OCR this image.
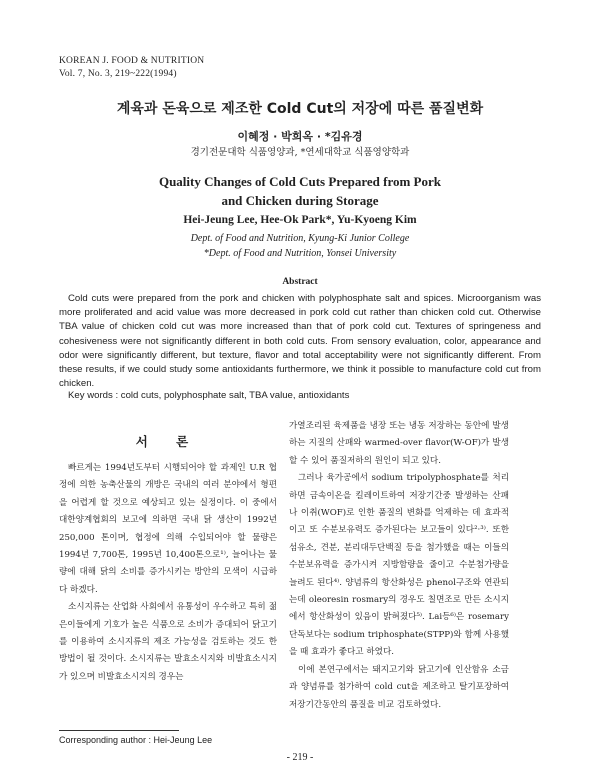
KOREAN J. FOOD & NUTRITION
Vol. 7, No. 3, 219~222(1994)
계육과 돈육으로 제조한 Cold Cut의 저장에 따른 품질변화
이혜정 · 박희옥 · *김유경
경기전문대학 식품영양과, *연세대학교 식품영양학과
Quality Changes of Cold Cuts Prepared from Pork
and Chicken during Storage
Hei-Jeung Lee, Hee-Ok Park*, Yu-Kyoeng Kim
Dept. of Food and Nutrition, Kyung-Ki Junior College
*Dept. of Food and Nutrition, Yonsei University
Abstract

Cold cuts were prepared from the pork and chicken with polyphosphate salt and spices. Microorganism was more proliferated and acid value was more decreased in pork cold cut rather than chicken cold cut. Otherwise TBA value of chicken cold cut was more increased than that of pork cold cut. Textures of springeness and cohesiveness were not significantly different in both cold cuts. From sensory evaluation, color, appearance and odor were significantly different, but texture, flavor and total acceptability were not significantly different. From these results, if we could study some antioxidants furthermore, we think it possible to manufacture cold cut from chicken.

Key words : cold cuts, polyphosphate salt, TBA value, antioxidants
서 론

빠르게는 1994년도부터 시행되어야 할 과제인 U.R 협정에 의한 농축산물의 개방은 국내의 여러 분야에서 형편을 어렵게 할 것으로 예상되고 있는 실정이다. 이 중에서 대한양계협회의 보고에 의하면 국내 닭 생산이 1992년 250,000 톤이며, 협정에 의해 수입되어야 할 물량은 1994년 7,700톤, 1995년 10,400톤으로¹⁾, 늘어나는 물량에 대해 닭의 소비를 증가시키는 방안의 모색이 시급하다 하겠다.

소시지류는 산업화 사회에서 유통성이 우수하고 특히 젊은이들에게 기호가 높은 식품으로 소비가 증대되어 닭고기를 이용하여 소시지류의 제조 가능성을 검토하는 것도 한 방법이 될 것이다. 소시지류는 발효소시지와 비발효소시지가 있으며 비발효소시지의 경우는

가열조리된 육제품을 냉장 또는 냉동 저장하는 동안에 발생하는 지질의 산패와 warmed-over flavor(W-OF)가 발생할 수 있어 품질저하의 원인이 되고 있다.

그러나 육가공에서 sodium tripolyphosphate를 처리하면 금속이온을 킬레이트하여 저장기간중 발생하는 산패나 이취(WOF)로 인한 품질의 변화를 억제하는 데 효과적이고 또 수분보유력도 증가된다는 보고들이 있다²·³⁾. 또한 섬유소, 견분, 분리대두단백질 등을 첨가했을 때는 이들의 수분보유력을 증가시켜 지방함량을 줄이고 수분첨가량을 늘려도 된다⁴⁾. 양념류의 항산화성은 phenol구조와 연관되는데 oleoresin rosmary의 경우도 칠면조로 만든 소시지에서 항산화성이 있음이 밝혀졌다⁵⁾. Lai등⁶⁾은 rosemary 단독보다는 sodium triphosphate(STPP)와 함께 사용했을 때 효과가 좋다고 하였다.

이에 본연구에서는 돼지고기와 닭고기에 인산함유 소금과 양념류를 첨가하여 cold cut을 제조하고 탈기포장하여 저장기간동안의 품질을 비교 검토하였다.

Corresponding author : Hei-Jeung Lee
- 219 -
